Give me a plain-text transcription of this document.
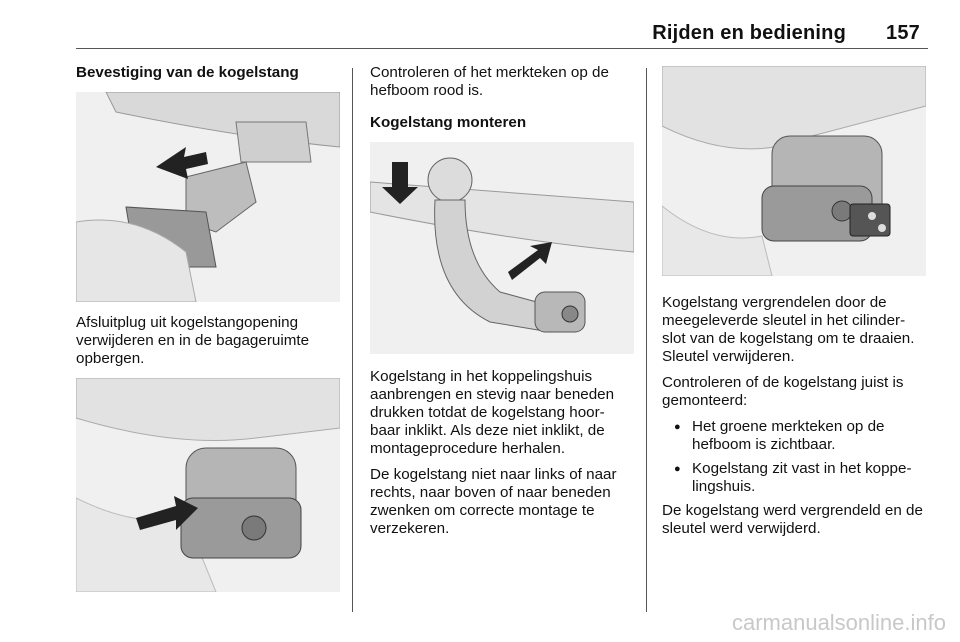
Rijden en bediening 157
Bevestiging van de kogelstang

Afsluitplug uit kogelstangopening verwijderen en in de bagageruimte opbergen.

Controleren of het merkteken op de hefboom rood is.

Kogelstang monteren

Kogelstang in het koppelingshuis aanbrengen en stevig naar beneden drukken totdat de kogelstang hoor-baar inklikt. Als deze niet inklikt, de montageprocedure herhalen.

De kogelstang niet naar links of naar rechts, naar boven of naar beneden zwenken om correcte montage te verzekeren.

Kogelstang vergrendelen door de meegeleverde sleutel in het cilinder-slot van de kogelstang om te draaien. Sleutel verwijderen.

Controleren of de kogelstang juist is gemonteerd:

● Het groene merkteken op de hefboom is zichtbaar.
● Kogelstang zit vast in het koppe-lingshuis.

De kogelstang werd vergrendeld en de sleutel werd verwijderd.

carmanualsonline.info
